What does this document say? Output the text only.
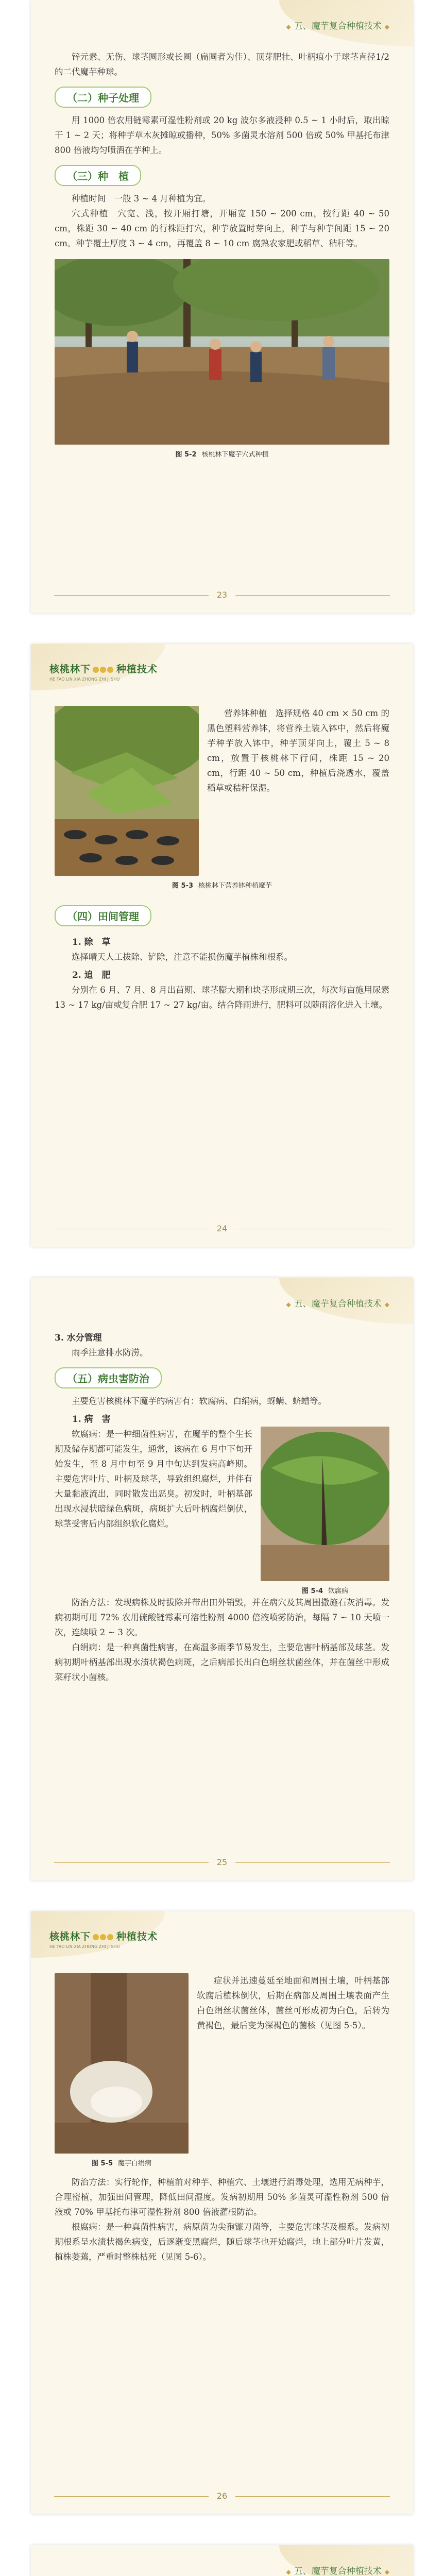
◆ 五、魔芋复合种植技术 ◆

锌元素、无伤、球茎圆形或长圆（扁圆者为佳）、顶芽肥壮、叶柄痕小于球茎直径1/2的二代魔芋种球。

（二）种子处理

用 1000 倍农用链霉素可湿性粉剂或 20 kg 波尔多液浸种 0.5 ~ 1 小时后，取出晾干 1 ~ 2 天；将种芋草木灰摊晾或播种，50% 多菌灵水溶剂 500 倍或 50% 甲基托布津 800 倍液均匀喷洒在芋种上。

（三）种　植

种植时间　一般 3 ~ 4 月种植为宜。

穴式种植　穴宽、浅，按开厢打塘，开厢宽 150 ~ 200 cm，按行距 40 ~ 50 cm，株距 30 ~ 40 cm 的行株距打穴，种芋放置时芽向上，种芋与种芋间距 15 ~ 20 cm。种芋覆土厚度 3 ~ 4 cm，再覆盖 8 ~ 10 cm 腐熟农家肥或稻草、秸秆等。

图 5-2 核桃林下魔芋穴式种植
23
核桃林下	种植技术
HE TAO LIN XIA ZHONG ZHI JI SHU

营养钵种植　选择规格 40 cm × 50 cm 的黑色塑料营养钵，将营养土装入钵中，然后将魔芋种芋放入钵中，种芋顶芽向上，覆土 5 ~ 8 cm，放置于核桃林下行间，株距 15 ~ 20 cm，行距 40 ~ 50 cm，种植后浇透水，覆盖稻草或秸秆保湿。

图 5-3 核桃林下营养钵种植魔芋
（四）田间管理
1. 除　草

选择晴天人工拔除、铲除，注意不能损伤魔芋植株和根系。

2. 追　肥

分别在 6 月、7 月、8 月出苗期、球茎膨大期和块茎形成期三次，每次每亩施用尿素 13 ~ 17 kg/亩或复合肥 17 ~ 27 kg/亩。结合降雨进行，肥料可以随雨溶化进入土壤。

24
◆ 五、魔芋复合种植技术 ◆
3. 水分管理

雨季注意排水防涝。

（五）病虫害防治

主要危害核桃林下魔芋的病害有：软腐病、白绢病，蚜螨、蛴螬等。

1. 病　害

软腐病：是一种细菌性病害，在魔芋的整个生长期及储存期都可能发生，通常，该病在 6 月中下旬开始发生，至 8 月中旬至 9 月中旬达到发病高峰期。主要危害叶片、叶柄及球茎，导致组织腐烂，并伴有大量黏液流出，同时散发出恶臭。初发时，叶柄基部出现水浸状暗绿色病斑，病斑扩大后叶柄腐烂倒伏，球茎受害后内部组织软化腐烂。

图 5-4 软腐病

防治方法：发现病株及时拔除并带出田外销毁，并在病穴及其周围撒施石灰消毒。发病初期可用 72% 农用硫酸链霉素可溶性粉剂 4000 倍液喷雾防治，每隔 7 ~ 10 天喷一次，连续喷 2 ~ 3 次。

白绢病：是一种真菌性病害，在高温多雨季节易发生，主要危害叶柄基部及球茎。发病初期叶柄基部出现水渍状褐色病斑，之后病部长出白色绢丝状菌丝体，并在菌丝中形成菜籽状小菌核。

25
核桃林下	种植技术
HE TAO LIN XIA ZHONG ZHI JI SHU
图 5-5 魔芋白绢病

症状并迅速蔓延至地面和周围土壤，叶柄基部软腐后植株倒伏，后期在病部及周围土壤表面产生白色绢丝状菌丝体，菌丝可形成初为白色，后转为黄褐色，最后变为深褐色的菌核（见图 5-5）。

防治方法：实行轮作，种植前对种芋、种植穴、土壤进行消毒处理，选用无病种芋，合理密植，加强田间管理，降低田间湿度。发病初期用 50% 多菌灵可湿性粉剂 500 倍液或 70% 甲基托布津可湿性粉剂 800 倍液灌根防治。

根腐病：是一种真菌性病害，病原菌为尖孢镰刀菌等，主要危害球茎及根系。发病初期根系呈水渍状褐色病变，后逐渐变黑腐烂，随后球茎也开始腐烂，地上部分叶片发黄，植株萎蔫，严重时整株枯死（见图 5-6）。

26
◆ 五、魔芋复合种植技术 ◆
